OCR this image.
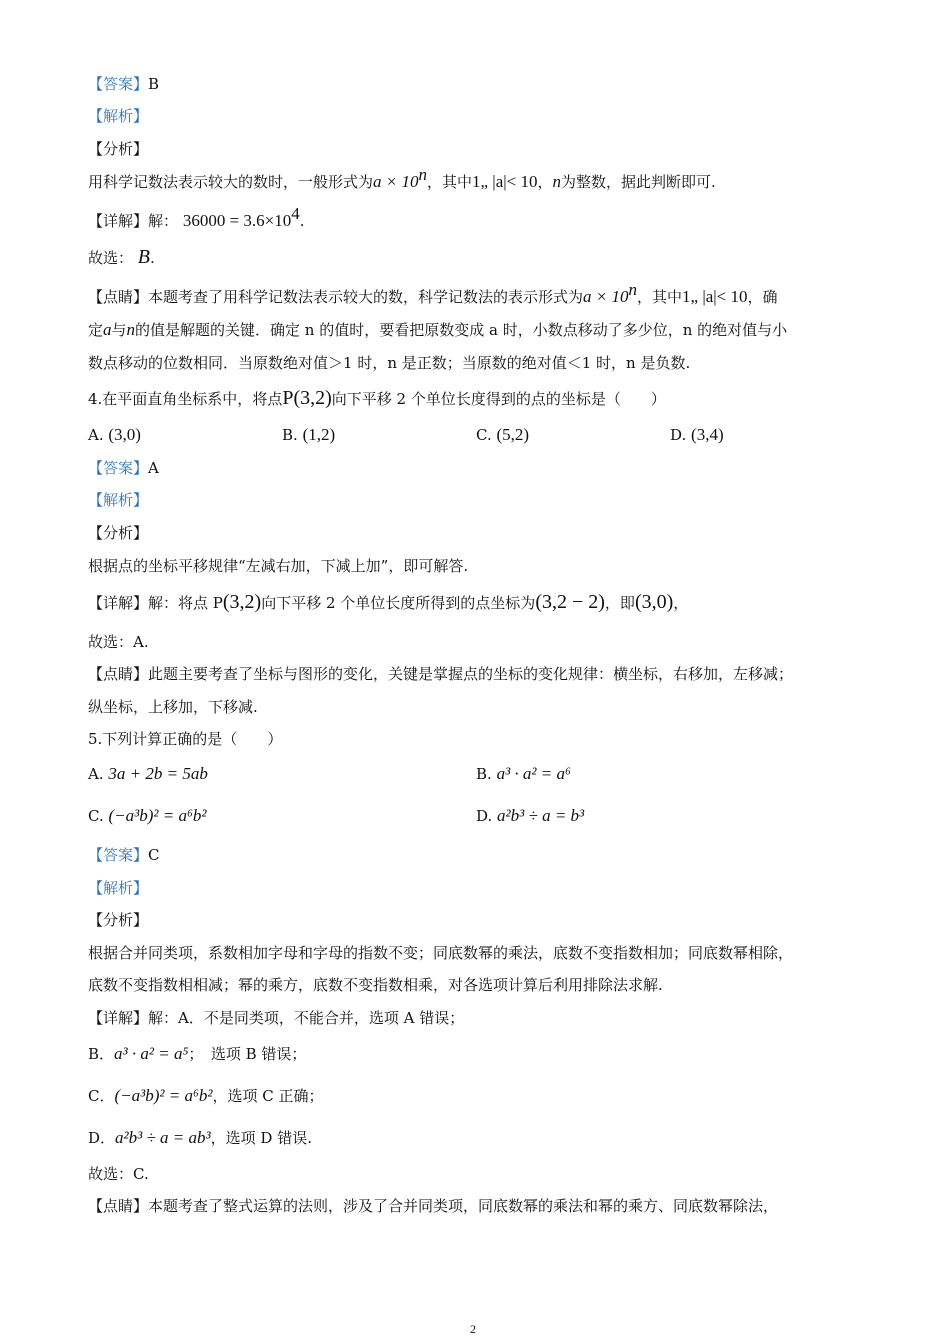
【答案】B
【解析】
【分析】
用科学记数法表示较大的数时，一般形式为$a \times 10^n$，其中1„ |a|< 10，n为整数，据此判断即可.
【详解】解： $36000 = 3.6\times 10^4$.
故选： B.
【点睛】本题考查了用科学记数法表示较大的数，科学记数法的表示形式为$a \times 10^n$，其中1„ |a|< 10，确
定a与n的值是解题的关键．确定 n 的值时，要看把原数变成 a 时，小数点移动了多少位，n 的绝对值与小
数点移动的位数相同．当原数绝对值＞1 时，n 是正数；当原数的绝对值＜1 时，n 是负数.
4.在平面直角坐标系中，将点P(3,2)向下平移 2 个单位长度得到的点的坐标是（　　）
A. (3,0)	B. (1,2)	C. (5,2)	D. (3,4)
【答案】A
【解析】
【分析】
根据点的坐标平移规律“左减右加，下减上加”，即可解答.
【详解】解：将点 P(3,2)向下平移 2 个单位长度所得到的点坐标为(3,2 − 2)，即(3,0)，
故选：A.
【点睛】此题主要考查了坐标与图形的变化，关键是掌握点的坐标的变化规律：横坐标，右移加，左移减；
纵坐标，上移加，下移减.
5.下列计算正确的是（　　）
A. 3a + 2b = 5ab	B. a³ · a² = a⁶
C. (−a³b)² = a⁶b²	D. a²b³ ÷ a = b³
【答案】C
【解析】
【分析】
根据合并同类项，系数相加字母和字母的指数不变；同底数幂的乘法，底数不变指数相加；同底数幂相除，
底数不变指数相相减；幂的乘方，底数不变指数相乘，对各选项计算后利用排除法求解.
【详解】解：A．不是同类项，不能合并，选项 A 错误；
B．a³ · a² = a⁵；　选项 B 错误；
C．(−a³b)² = a⁶b²，选项 C 正确；
D．a²b³ ÷ a = ab³，选项 D 错误.
故选：C.
【点睛】本题考查了整式运算的法则，涉及了合并同类项，同底数幂的乘法和幂的乘方、同底数幂除法，
2
